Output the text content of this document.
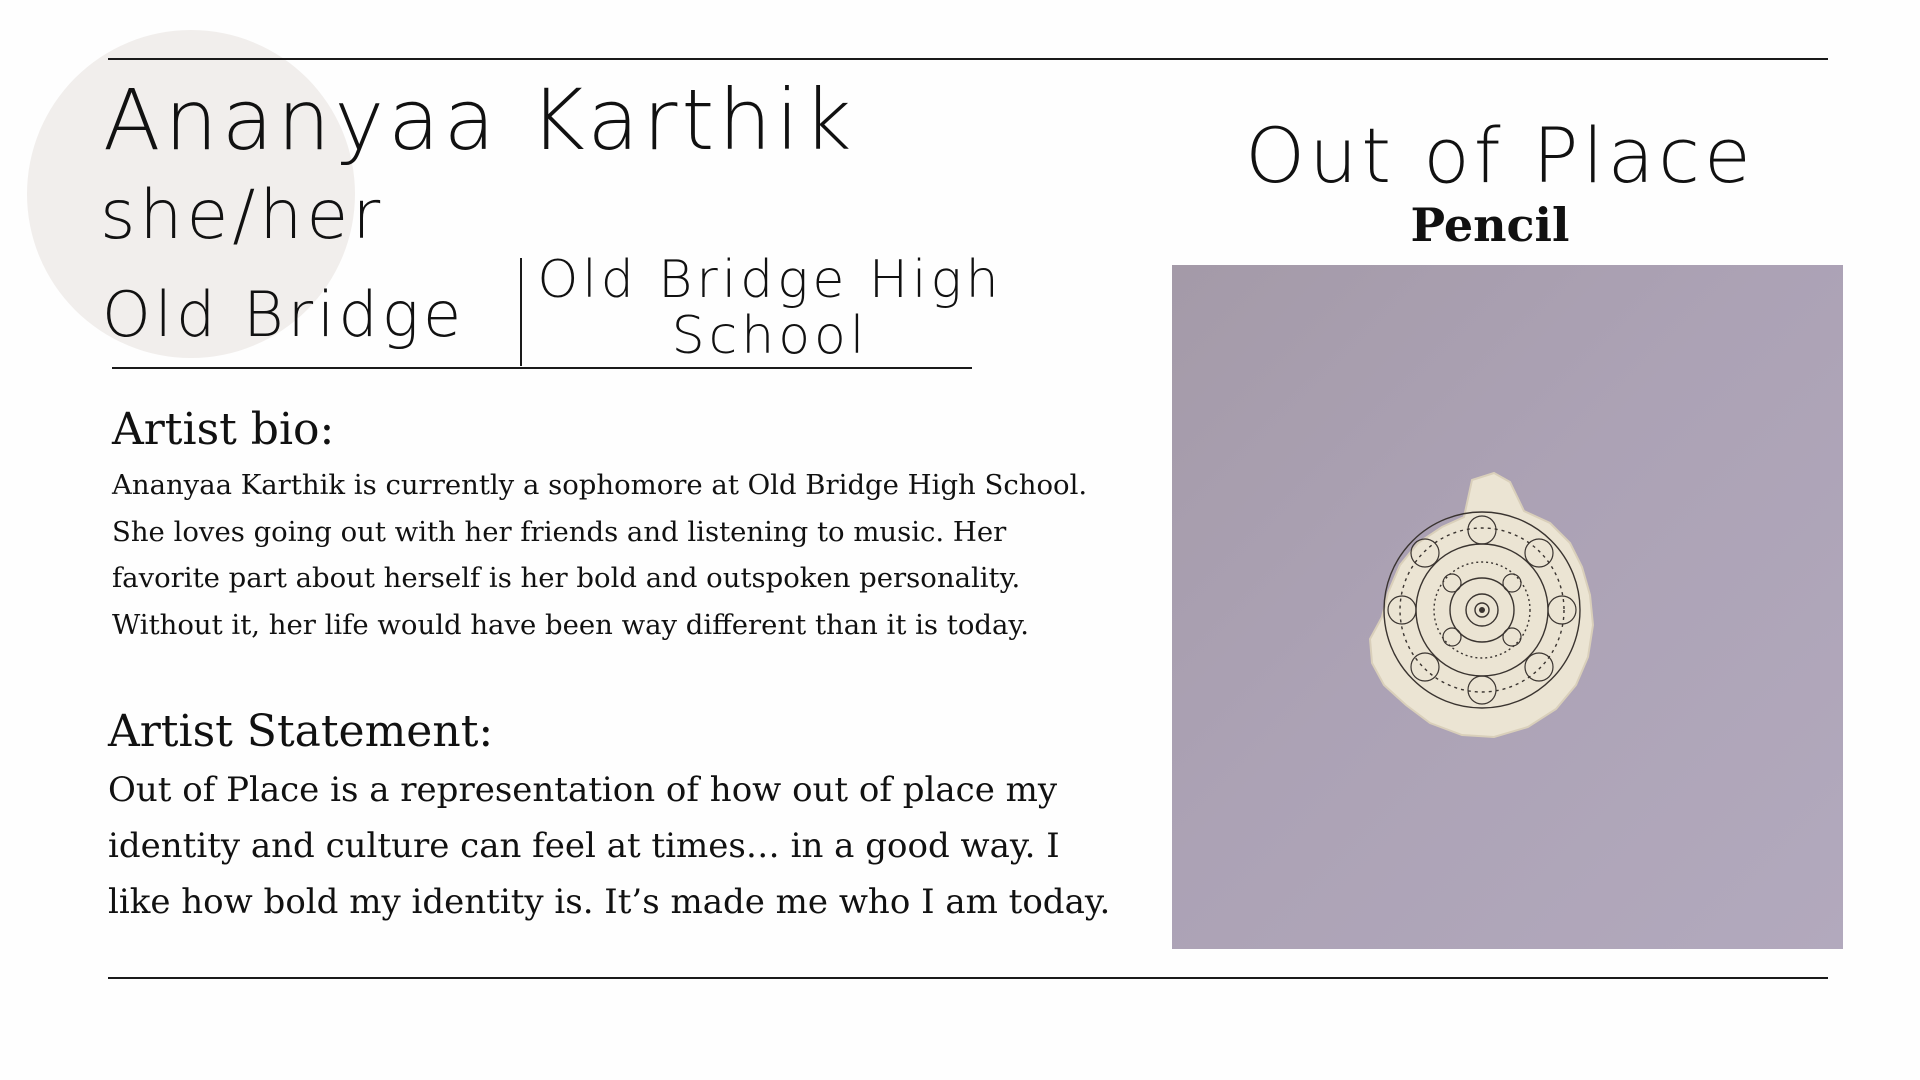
Ananyaa Karthik
she/her
Old Bridge Old Bridge High School
Artist bio:

Ananyaa Karthik is currently a sophomore at Old Bridge High School. She loves going out with her friends and listening to music. Her favorite part about herself is her bold and outspoken personality. Without it, her life would have been way different than it is today.

Artist Statement:

Out of Place is a representation of how out of place my identity and culture can feel at times… in a good way. I like how bold my identity is. It’s made me who I am today.

Out of Place
Pencil
